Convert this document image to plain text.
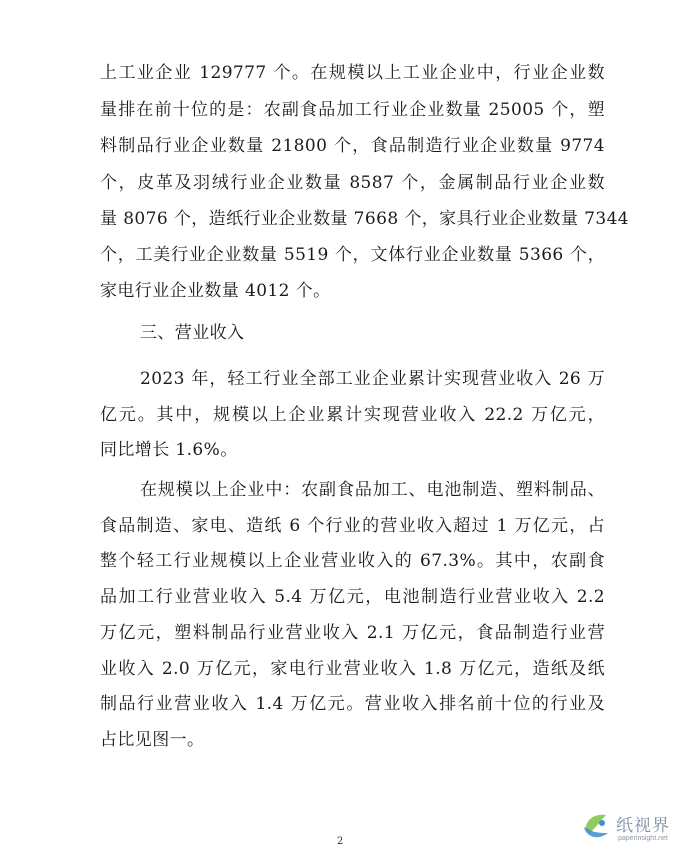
上工业企业 129777 个。在规模以上工业企业中，行业企业数
量排在前十位的是：农副食品加工行业企业数量 25005 个，塑
料制品行业企业数量 21800 个，食品制造行业企业数量 9774
个，皮革及羽绒行业企业数量 8587 个，金属制品行业企业数
量 8076 个，造纸行业企业数量 7668 个，家具行业企业数量 7344
个，工美行业企业数量 5519 个，文体行业企业数量 5366 个，
家电行业企业数量 4012 个。
三、营业收入
2023 年，轻工行业全部工业企业累计实现营业收入 26 万
亿元。其中，规模以上企业累计实现营业收入 22.2 万亿元，
同比增长 1.6%。
在规模以上企业中：农副食品加工、电池制造、塑料制品、
食品制造、家电、造纸 6 个行业的营业收入超过 1 万亿元，占
整个轻工行业规模以上企业营业收入的 67.3%。其中，农副食
品加工行业营业收入 5.4 万亿元，电池制造行业营业收入 2.2
万亿元，塑料制品行业营业收入 2.1 万亿元，食品制造行业营
业收入 2.0 万亿元，家电行业营业收入 1.8 万亿元，造纸及纸
制品行业营业收入 1.4 万亿元。营业收入排名前十位的行业及
占比见图一。
2
纸视界
paperinsight.net
